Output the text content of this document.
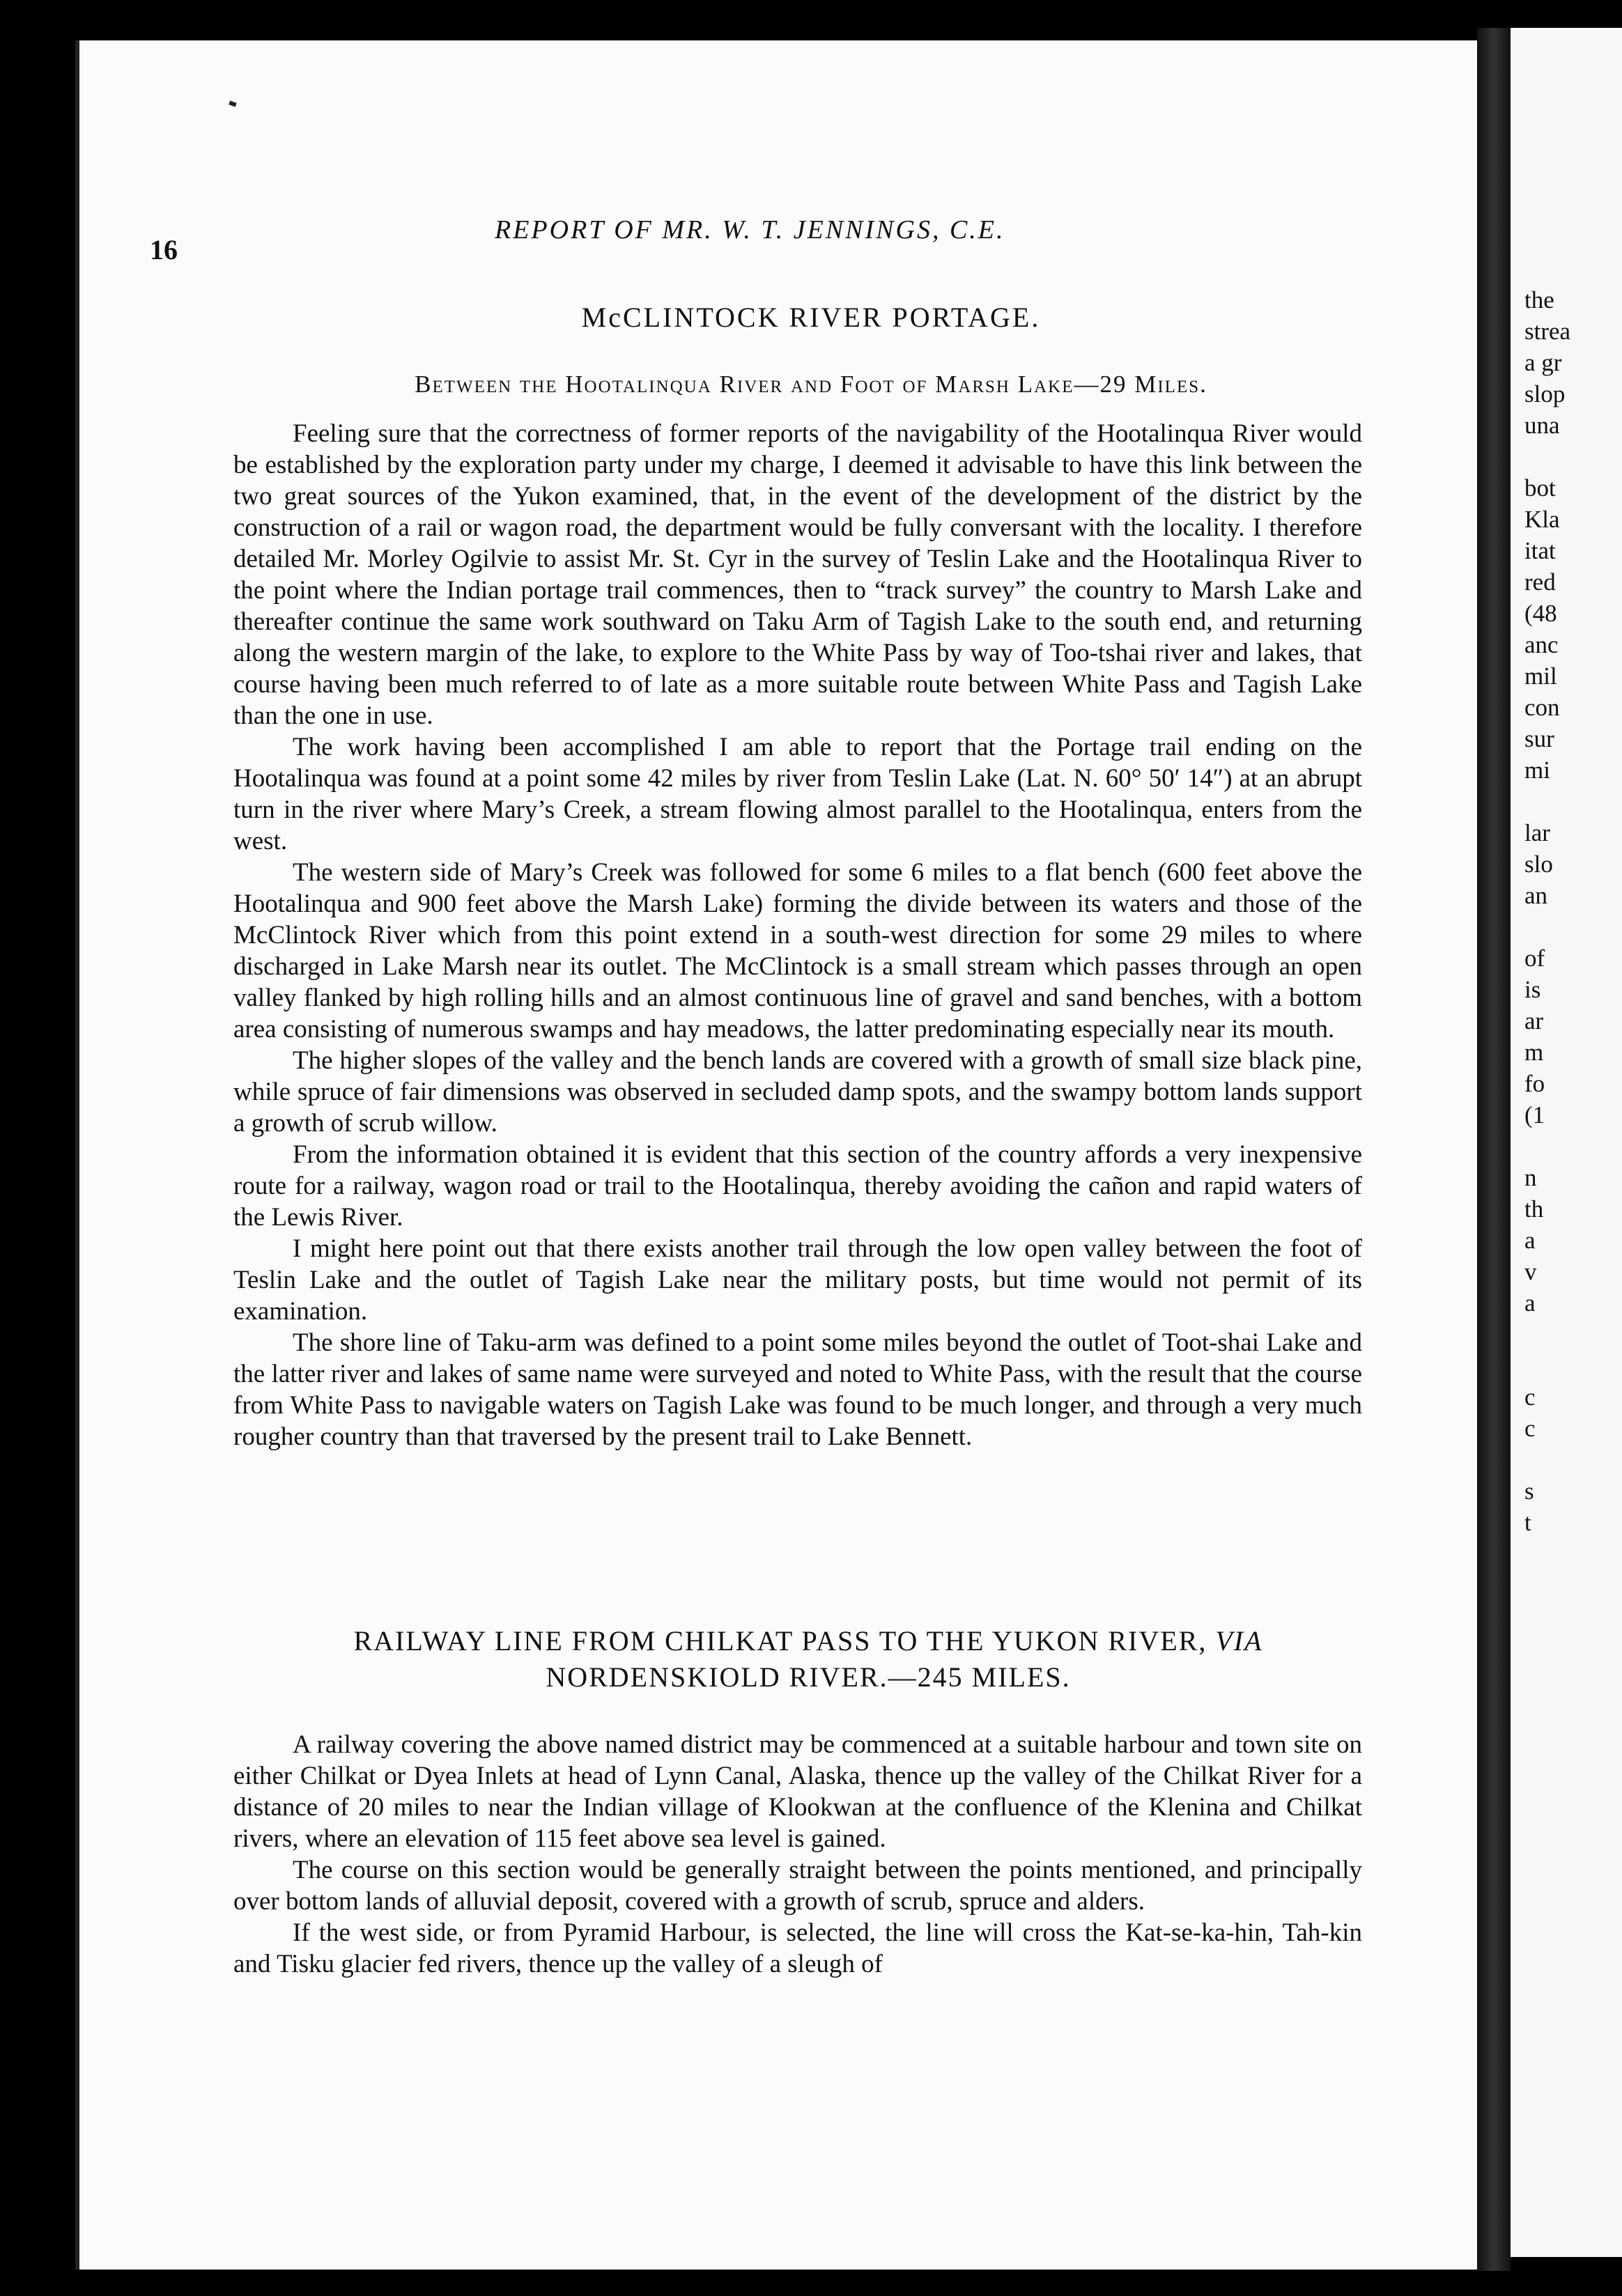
the
strea
a gr
slop
una

bot
Kla
itat
red
(48
anc
mil
con
sur
mi

lar
slo
an

of
is
ar
m
fo
(1

n
th
a
v
a

c
c

s
t
16
REPORT OF MR. W. T. JENNINGS, C.E.
McCLINTOCK RIVER PORTAGE.
Between the Hootalinqua River and Foot of Marsh Lake—29 Miles.

Feeling sure that the correctness of former reports of the navigability of the Hootalinqua River would be established by the exploration party under my charge, I deemed it advisable to have this link between the two great sources of the Yukon examined, that, in the event of the development of the district by the construction of a rail or wagon road, the department would be fully conversant with the locality. I therefore detailed Mr. Morley Ogilvie to assist Mr. St. Cyr in the survey of Teslin Lake and the Hootalinqua River to the point where the Indian portage trail commences, then to “track survey” the country to Marsh Lake and thereafter continue the same work southward on Taku Arm of Tagish Lake to the south end, and returning along the western margin of the lake, to explore to the White Pass by way of Too-tshai river and lakes, that course having been much referred to of late as a more suitable route between White Pass and Tagish Lake than the one in use.

The work having been accomplished I am able to report that the Portage trail ending on the Hootalinqua was found at a point some 42 miles by river from Teslin Lake (Lat. N. 60° 50′ 14″) at an abrupt turn in the river where Mary’s Creek, a stream flowing almost parallel to the Hootalinqua, enters from the west.

The western side of Mary’s Creek was followed for some 6 miles to a flat bench (600 feet above the Hootalinqua and 900 feet above the Marsh Lake) forming the divide between its waters and those of the McClintock River which from this point extend in a south-west direction for some 29 miles to where discharged in Lake Marsh near its outlet. The McClintock is a small stream which passes through an open valley flanked by high rolling hills and an almost continuous line of gravel and sand benches, with a bottom area consisting of numerous swamps and hay meadows, the latter predominating especially near its mouth.

The higher slopes of the valley and the bench lands are covered with a growth of small size black pine, while spruce of fair dimensions was observed in secluded damp spots, and the swampy bottom lands support a growth of scrub willow.

From the information obtained it is evident that this section of the country affords a very inexpensive route for a railway, wagon road or trail to the Hootalinqua, thereby avoiding the cañon and rapid waters of the Lewis River.

I might here point out that there exists another trail through the low open valley between the foot of Teslin Lake and the outlet of Tagish Lake near the military posts, but time would not permit of its examination.

The shore line of Taku-arm was defined to a point some miles beyond the outlet of Toot-shai Lake and the latter river and lakes of same name were surveyed and noted to White Pass, with the result that the course from White Pass to navigable waters on Tagish Lake was found to be much longer, and through a very much rougher country than that traversed by the present trail to Lake Bennett.

RAILWAY LINE FROM CHILKAT PASS TO THE YUKON RIVER, VIA
NORDENSKIOLD RIVER.—245 MILES.

A railway covering the above named district may be commenced at a suitable harbour and town site on either Chilkat or Dyea Inlets at head of Lynn Canal, Alaska, thence up the valley of the Chilkat River for a distance of 20 miles to near the Indian village of Klookwan at the confluence of the Klenina and Chilkat rivers, where an elevation of 115 feet above sea level is gained.

The course on this section would be generally straight between the points mentioned, and principally over bottom lands of alluvial deposit, covered with a growth of scrub, spruce and alders.

If the west side, or from Pyramid Harbour, is selected, the line will cross the Kat-se-ka-hin, Tah-kin and Tisku glacier fed rivers, thence up the valley of a sleugh of
